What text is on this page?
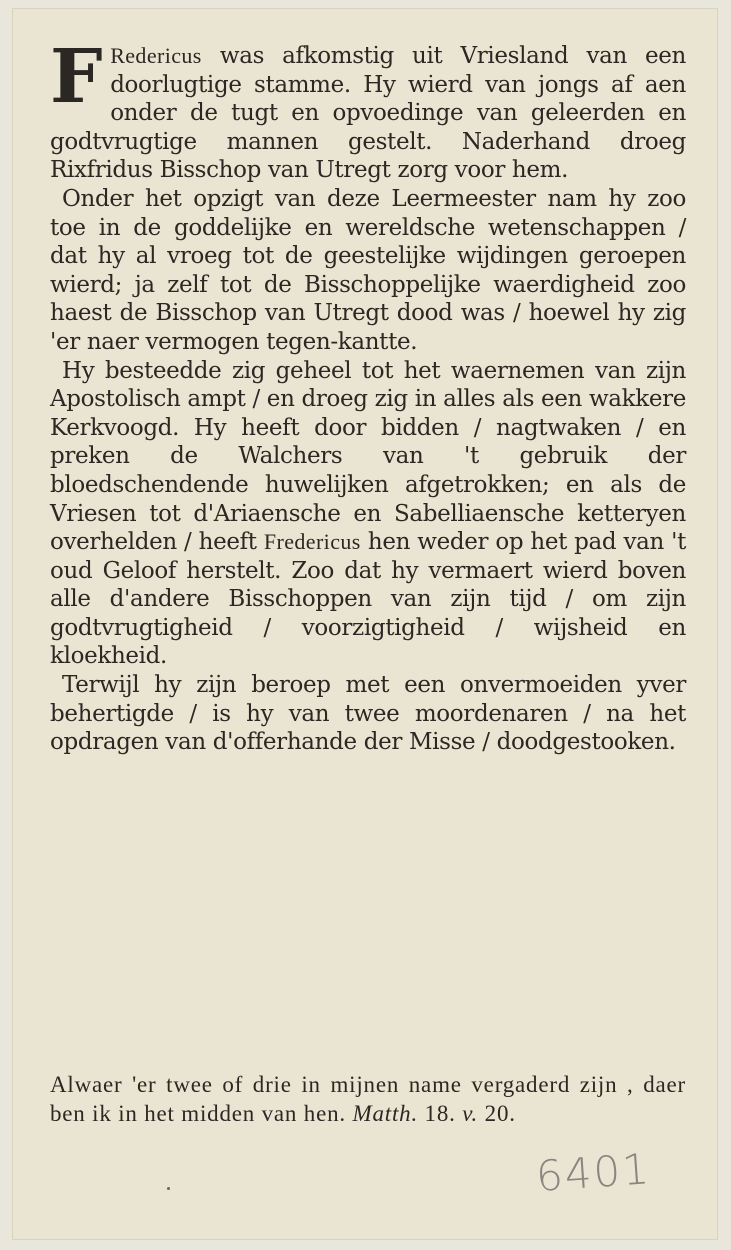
F Redericus was afkomstig uit Vriesland van een doorlugtige stamme. Hy wierd van jongs af aen onder de tugt en opvoedinge van geleerden en godtvrugtige mannen gestelt. Naderhand droeg Rixfridus Bisschop van Utregt zorg voor hem.

Onder het opzigt van deze Leermeester nam hy zoo toe in de goddelijke en wereldsche wetenschappen / dat hy al vroeg tot de geestelijke wijdingen geroepen wierd; ja zelf tot de Bisschoppelijke waerdigheid zoo haest de Bisschop van Utregt dood was / hoewel hy zig 'er naer vermogen tegen-kantte.

Hy besteedde zig geheel tot het waernemen van zijn Apostolisch ampt / en droeg zig in alles als een wakkere Kerkvoogd. Hy heeft door bidden / nagtwaken / en preken de Walchers van 't gebruik der bloedschendende huwelijken afgetrokken; en als de Vriesen tot d'Ariaensche en Sabelliaensche ketteryen overhelden / heeft Fredericus hen weder op het pad van 't oud Geloof herstelt. Zoo dat hy vermaert wierd boven alle d'andere Bisschoppen van zijn tijd / om zijn godtvrugtigheid / voorzigtigheid / wijsheid en kloekheid.

Terwijl hy zijn beroep met een onvermoeiden yver behertigde / is hy van twee moordenaren / na het opdragen van d'offerhande der Misse / doodgestooken.

Alwaer 'er twee of drie in mijnen name vergaderd zijn , daer ben ik in het midden van hen. Matth. 18. v. 20.
6401
